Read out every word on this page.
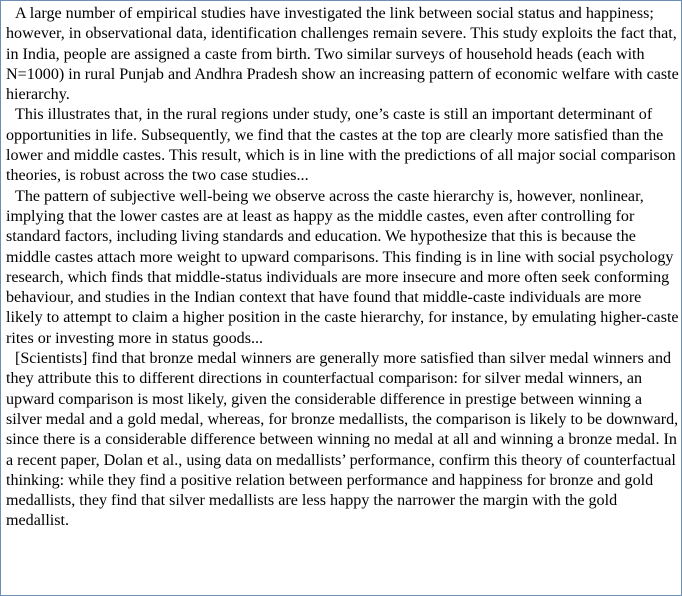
A large number of empirical studies have investigated the link between social status and happiness; however, in observational data, identification challenges remain severe. This study exploits the fact that, in India, people are assigned a caste from birth. Two similar surveys of household heads (each with N=1000) in rural Punjab and Andhra Pradesh show an increasing pattern of economic welfare with caste hierarchy.

This illustrates that, in the rural regions under study, one’s caste is still an important determinant of opportunities in life. Subsequently, we find that the castes at the top are clearly more satisfied than the lower and middle castes. This result, which is in line with the predictions of all major social comparison theories, is robust across the two case studies...

The pattern of subjective well-being we observe across the caste hierarchy is, however, nonlinear, implying that the lower castes are at least as happy as the middle castes, even after controlling for standard factors, including living standards and education. We hypothesize that this is because the middle castes attach more weight to upward comparisons. This finding is in line with social psychology research, which finds that middle-status individuals are more insecure and more often seek conforming behaviour, and studies in the Indian context that have found that middle-caste individuals are more likely to attempt to claim a higher position in the caste hierarchy, for instance, by emulating higher-caste rites or investing more in status goods...

[Scientists] find that bronze medal winners are generally more satisfied than silver medal winners and they attribute this to different directions in counterfactual comparison: for silver medal winners, an upward comparison is most likely, given the considerable difference in prestige between winning a silver medal and a gold medal, whereas, for bronze medallists, the comparison is likely to be downward, since there is a considerable difference between winning no medal at all and winning a bronze medal. In a recent paper, Dolan et al., using data on medallists’ performance, confirm this theory of counterfactual thinking: while they find a positive relation between performance and happiness for bronze and gold medallists, they find that silver medallists are less happy the narrower the margin with the gold medallist.
